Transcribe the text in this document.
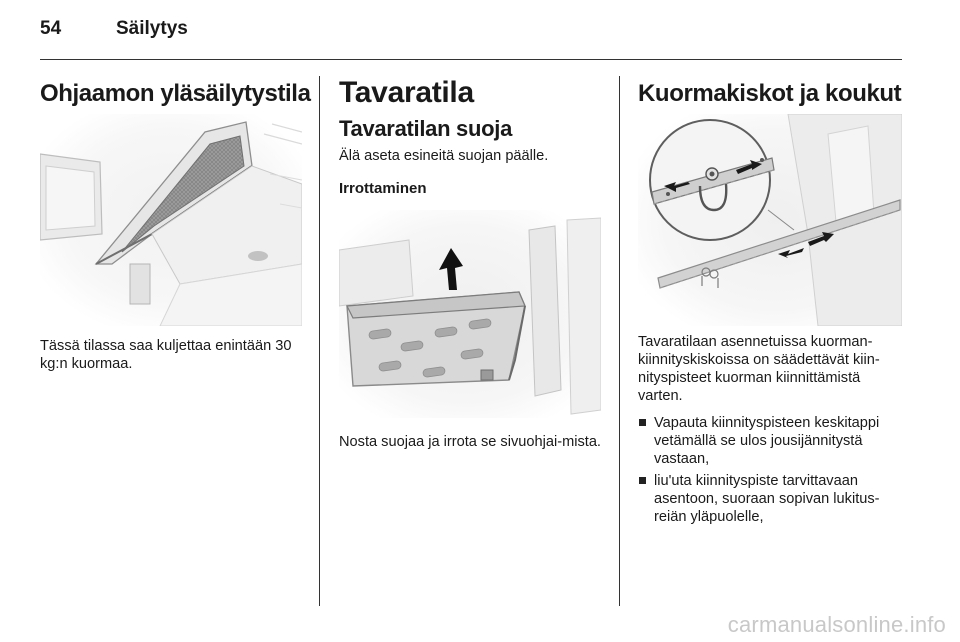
54	Säilytys
Ohjaamon yläsäilytystila

Tässä tilassa saa kuljettaa enintään 30 kg:n kuormaa.

Tavaratila
Tavaratilan suoja

Älä aseta esineitä suojan päälle.

Irrottaminen

Nosta suojaa ja irrota se sivuohjai-mista.

Kuormakiskot ja koukut

Tavaratilaan asennetuissa kuorman-kiinnityskiskoissa on säädettävät kiin-nityspisteet kuorman kiinnittämistä varten.

Vapauta kiinnityspisteen keskitappi vetämällä se ulos jousijännitystä vastaan,
liu'uta kiinnityspiste tarvittavaan asentoon, suoraan sopivan lukitus-reiän yläpuolelle,
carmanualsonline.info
